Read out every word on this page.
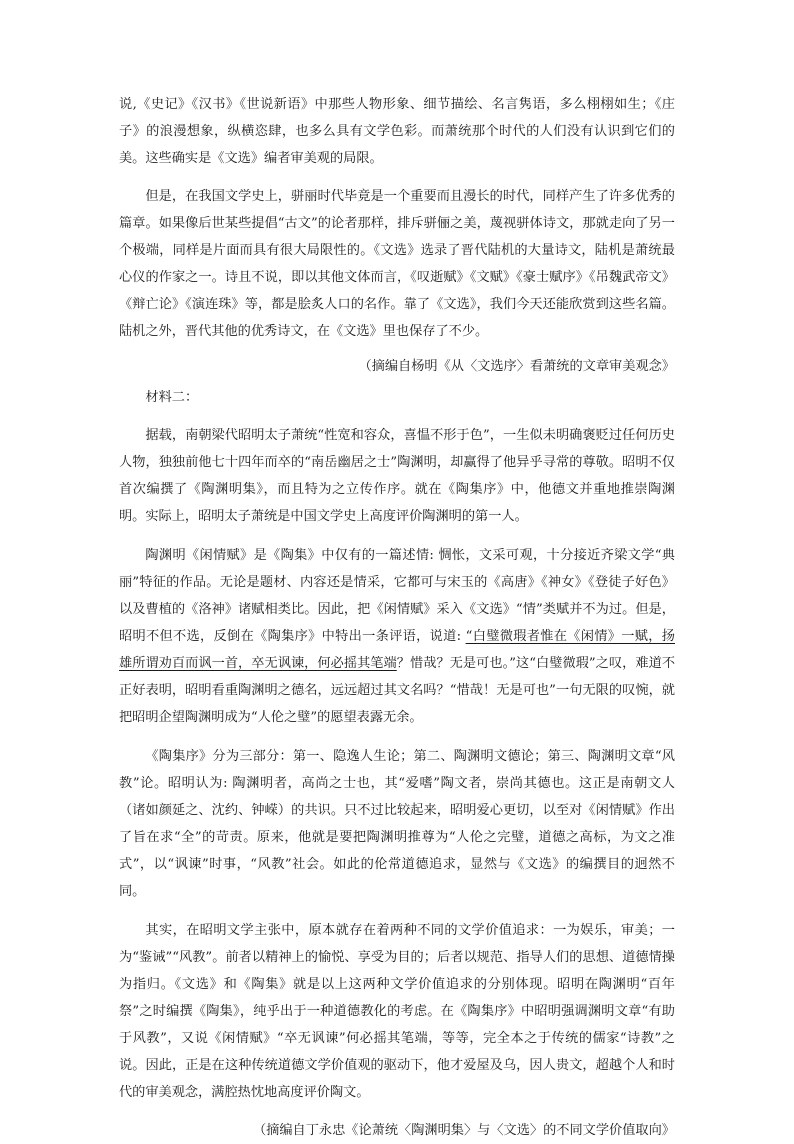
说,《史记》《汉书》《世说新语》中那些人物形象、细节描绘、名言隽语，多么栩栩如生；《庄子》的浪漫想象，纵横恣肆，也多么具有文学色彩。而萧统那个时代的人们没有认识到它们的美。这些确实是《文选》编者审美观的局限。

但是，在我国文学史上，骈丽时代毕竟是一个重要而且漫长的时代，同样产生了许多优秀的篇章。如果像后世某些提倡“古文”的论者那样，排斥骈俪之美，蔑视骈体诗文，那就走向了另一个极端，同样是片面而具有很大局限性的。《文选》选录了晋代陆机的大量诗文，陆机是萧统最心仪的作家之一。诗且不说，即以其他文体而言，《叹逝赋》《文赋》《豪士赋序》《吊魏武帝文》《辩亡论》《演连珠》等，都是脍炙人口的名作。靠了《文选》，我们今天还能欣赏到这些名篇。陆机之外，晋代其他的优秀诗文，在《文选》里也保存了不少。

（摘编自杨明《从〈文选序〉看萧统的文章审美观念》

材料二：

据载，南朝梁代昭明太子萧统“性宽和容众，喜愠不形于色”，一生似未明确褒贬过任何历史人物，独独前他七十四年而卒的“南岳幽居之士”陶渊明，却赢得了他异乎寻常的尊敬。昭明不仅首次编撰了《陶渊明集》，而且特为之立传作序。就在《陶集序》中，他德文并重地推崇陶渊明。实际上，昭明太子萧统是中国文学史上高度评价陶渊明的第一人。

陶渊明《闲情赋》是《陶集》中仅有的一篇述情: 惆怅，文采可观，十分接近齐梁文学“典丽”特征的作品。无论是题材、内容还是情采，它都可与宋玉的《高唐》《神女》《登徒子好色》以及曹植的《洛神》诸赋相类比。因此，把《闲情赋》采入《文选》“情”类赋并不为过。但是，昭明不但不选，反倒在《陶集序》中特出一条评语，说道: “白璧微瑕者惟在《闲情》一赋，扬雄所谓劝百而讽一首，卒无讽谏，何必摇其笔端？惜哉？无是可也。”这“白璧微瑕”之叹，难道不正好表明，昭明看重陶渊明之德名，远远超过其文名吗？“惜哉！无是可也”一句无限的叹惋，就把昭明企望陶渊明成为“人伦之璧”的愿望表露无余。

《陶集序》分为三部分：第一、隐逸人生论；第二、陶渊明文德论；第三、陶渊明文章“风教”论。昭明认为: 陶渊明者，高尚之士也，其“爱嗜”陶文者，崇尚其德也。这正是南朝文人（诸如颜延之、沈约、钟嵘）的共识。只不过比较起来，昭明爱心更切，以至对《闲情赋》作出了旨在求“全”的苛责。原来，他就是要把陶渊明推尊为“人伦之完璧，道德之高标，为文之准式”，以“讽谏”时事，“风教”社会。如此的伦常道德追求，显然与《文选》的编撰目的迥然不同。

其实，在昭明文学主张中，原本就存在着两种不同的文学价值追求：一为娱乐，审美；一为“鉴诫”“风教”。前者以精神上的愉悦、享受为目的；后者以规范、指导人们的思想、道德情操为指归。《文选》和《陶集》就是以上这两种文学价值追求的分别体现。昭明在陶渊明“百年祭”之时编撰《陶集》，纯乎出于一种道德教化的考虑。在《陶集序》中昭明强调渊明文章“有助于风教”，又说《闲情赋》“卒无讽谏”何必摇其笔端，等等，完全本之于传统的儒家“诗教”之说。因此，正是在这种传统道德文学价值观的驱动下，他才爱屋及乌，因人贵文，超越个人和时代的审美观念，满腔热忱地高度评价陶文。

（摘编自丁永忠《论萧统〈陶渊明集〉与〈文选〉的不同文学价值取向》
